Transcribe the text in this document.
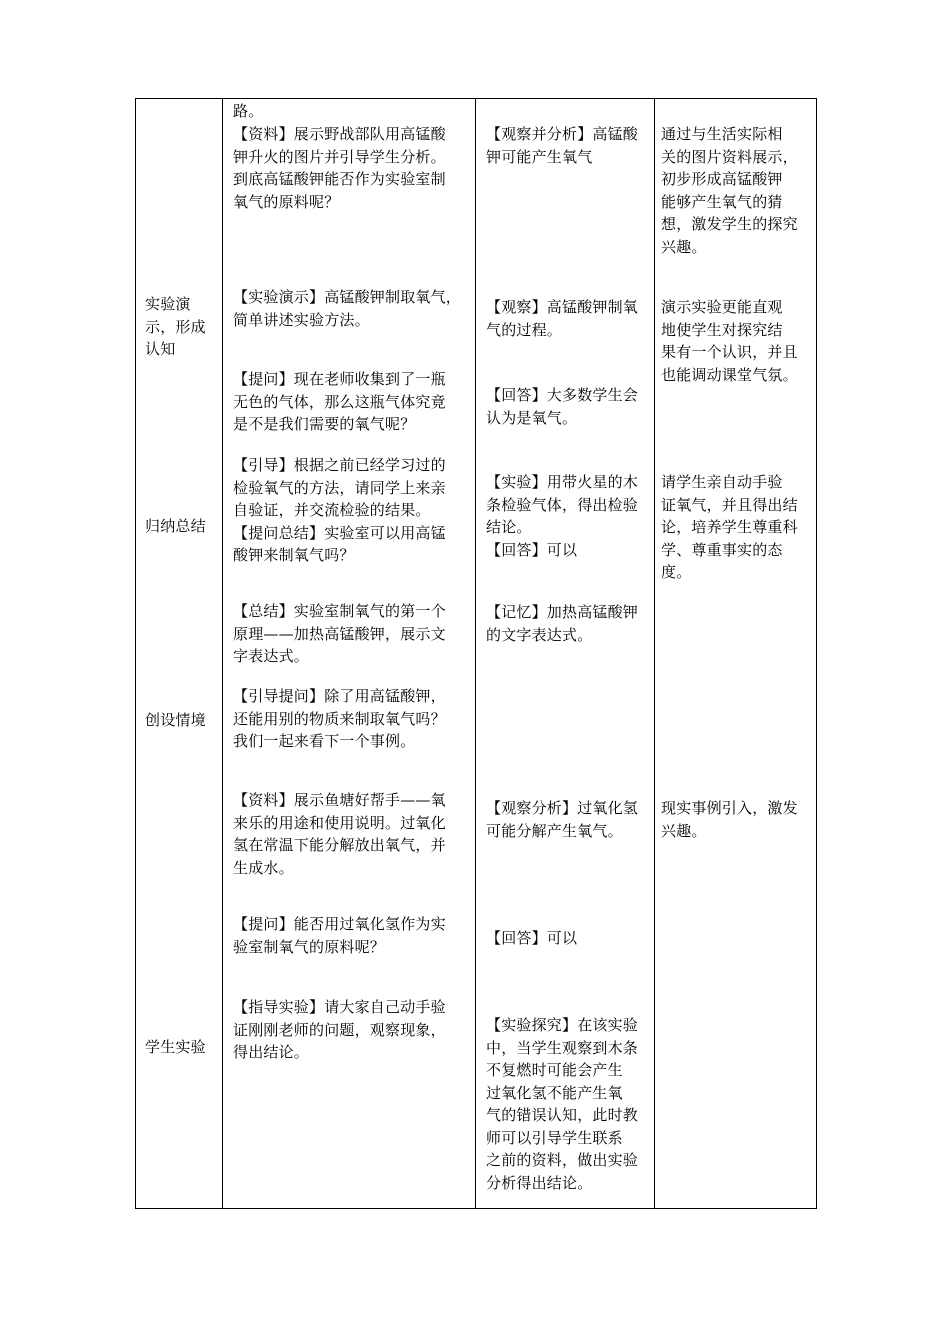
实验演
示，形成
认知
归纳总结
创设情境
学生实验
路。
【资料】展示野战部队用高锰酸
钾升火的图片并引导学生分析。
到底高锰酸钾能否作为实验室制
氧气的原料呢？
【实验演示】高锰酸钾制取氧气，
简单讲述实验方法。
【提问】现在老师收集到了一瓶
无色的气体，那么这瓶气体究竟
是不是我们需要的氧气呢？
【引导】根据之前已经学习过的
检验氧气的方法，请同学上来亲
自验证，并交流检验的结果。
【提问总结】实验室可以用高锰
酸钾来制氧气吗？
【总结】实验室制氧气的第一个
原理——加热高锰酸钾，展示文
字表达式。
【引导提问】除了用高锰酸钾，
还能用别的物质来制取氧气吗？
我们一起来看下一个事例。
【资料】展示鱼塘好帮手——氧
来乐的用途和使用说明。过氧化
氢在常温下能分解放出氧气，并
生成水。
【提问】能否用过氧化氢作为实
验室制氧气的原料呢？
【指导实验】请大家自己动手验
证刚刚老师的问题，观察现象，
得出结论。
【观察并分析】高锰酸
钾可能产生氧气
【观察】高锰酸钾制氧
气的过程。
【回答】大多数学生会
认为是氧气。
【实验】用带火星的木
条检验气体，得出检验
结论。
【回答】可以
【记忆】加热高锰酸钾
的文字表达式。
【观察分析】过氧化氢
可能分解产生氧气。
【回答】可以
【实验探究】在该实验
中，当学生观察到木条
不复燃时可能会产生
过氧化氢不能产生氧
气的错误认知，此时教
师可以引导学生联系
之前的资料，做出实验
分析得出结论。
通过与生活实际相
关的图片资料展示，
初步形成高锰酸钾
能够产生氧气的猜
想，激发学生的探究
兴趣。
演示实验更能直观
地使学生对探究结
果有一个认识，并且
也能调动课堂气氛。
请学生亲自动手验
证氧气，并且得出结
论，培养学生尊重科
学、尊重事实的态
度。
现实事例引入，激发
兴趣。
